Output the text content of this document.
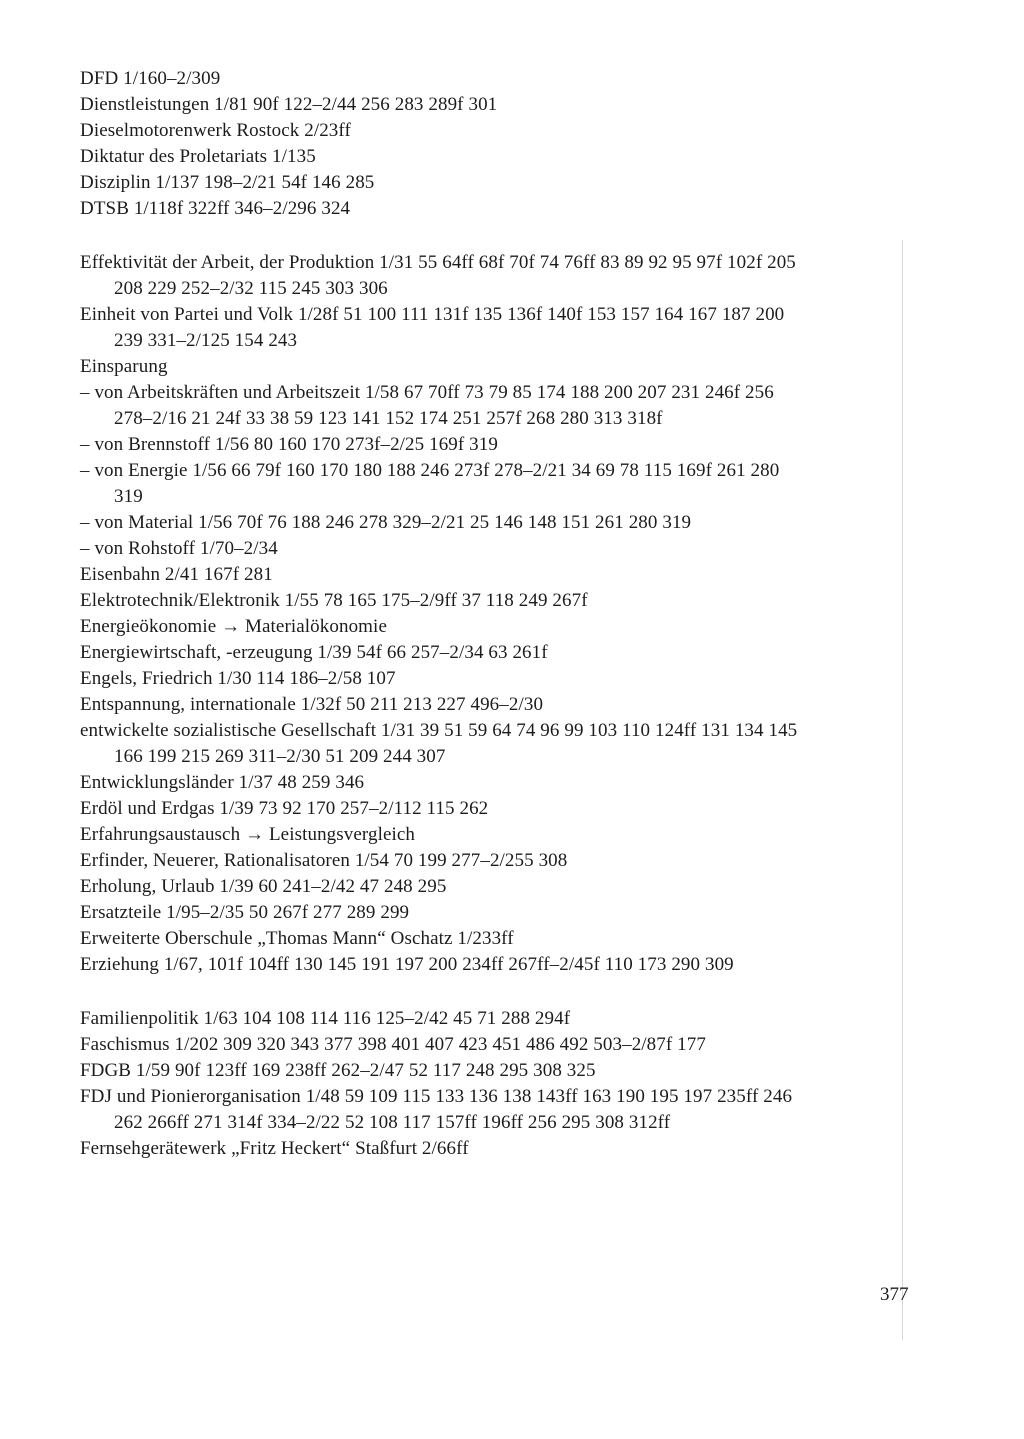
DFD 1/160–2/309
Dienstleistungen 1/81 90f 122–2/44 256 283 289f 301
Dieselmotorenwerk Rostock 2/23ff
Diktatur des Proletariats 1/135
Disziplin 1/137 198–2/21 54f 146 285
DTSB 1/118f 322ff 346–2/296 324
Effektivität der Arbeit, der Produktion 1/31 55 64ff 68f 70f 74 76ff 83 89 92 95 97f 102f 205
208 229 252–2/32 115 245 303 306
Einheit von Partei und Volk 1/28f 51 100 111 131f 135 136f 140f 153 157 164 167 187 200
239 331–2/125 154 243
Einsparung
– von Arbeitskräften und Arbeitszeit 1/58 67 70ff 73 79 85 174 188 200 207 231 246f 256
278–2/16 21 24f 33 38 59 123 141 152 174 251 257f 268 280 313 318f
– von Brennstoff 1/56 80 160 170 273f–2/25 169f 319
– von Energie 1/56 66 79f 160 170 180 188 246 273f 278–2/21 34 69 78 115 169f 261 280
319
– von Material 1/56 70f 76 188 246 278 329–2/21 25 146 148 151 261 280 319
– von Rohstoff 1/70–2/34
Eisenbahn 2/41 167f 281
Elektrotechnik/Elektronik 1/55 78 165 175–2/9ff 37 118 249 267f
Energieökonomie → Materialökonomie
Energiewirtschaft, -erzeugung 1/39 54f 66 257–2/34 63 261f
Engels, Friedrich 1/30 114 186–2/58 107
Entspannung, internationale 1/32f 50 211 213 227 496–2/30
entwickelte sozialistische Gesellschaft 1/31 39 51 59 64 74 96 99 103 110 124ff 131 134 145
166 199 215 269 311–2/30 51 209 244 307
Entwicklungsländer 1/37 48 259 346
Erdöl und Erdgas 1/39 73 92 170 257–2/112 115 262
Erfahrungsaustausch → Leistungsvergleich
Erfinder, Neuerer, Rationalisatoren 1/54 70 199 277–2/255 308
Erholung, Urlaub 1/39 60 241–2/42 47 248 295
Ersatzteile 1/95–2/35 50 267f 277 289 299
Erweiterte Oberschule „Thomas Mann“ Oschatz 1/233ff
Erziehung 1/67, 101f 104ff 130 145 191 197 200 234ff 267ff–2/45f 110 173 290 309
Familienpolitik 1/63 104 108 114 116 125–2/42 45 71 288 294f
Faschismus 1/202 309 320 343 377 398 401 407 423 451 486 492 503–2/87f 177
FDGB 1/59 90f 123ff 169 238ff 262–2/47 52 117 248 295 308 325
FDJ und Pionierorganisation 1/48 59 109 115 133 136 138 143ff 163 190 195 197 235ff 246
262 266ff 271 314f 334–2/22 52 108 117 157ff 196ff 256 295 308 312ff
Fernsehgerätewerk „Fritz Heckert“ Staßfurt 2/66ff
377
